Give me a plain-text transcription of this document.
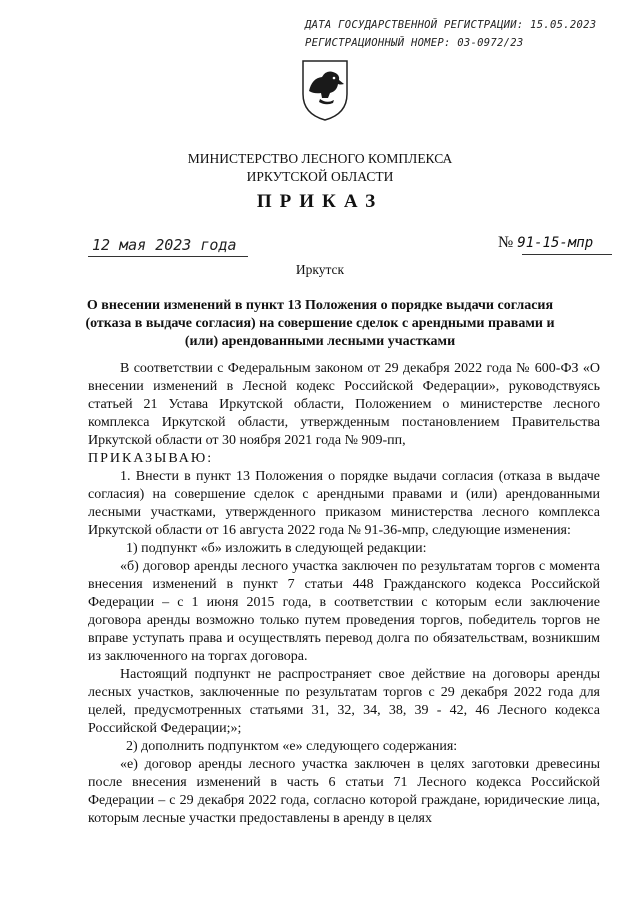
ДАТА ГОСУДАРСТВЕННОЙ РЕГИСТРАЦИИ: 15.05.2023
РЕГИСТРАЦИОННЫЙ НОМЕР: 03-0972/23
МИНИСТЕРСТВО ЛЕСНОГО КОМПЛЕКСА
ИРКУТСКОЙ ОБЛАСТИ
ПРИКАЗ
12 мая 2023 года	№ 91-15-мпр
Иркутск
О внесении изменений в пункт 13 Положения о порядке выдачи согласия (отказа в выдаче согласия) на совершение сделок с арендными правами и (или) арендованными лесными участками

В соответствии с Федеральным законом от 29 декабря 2022 года № 600-ФЗ «О внесении изменений в Лесной кодекс Российской Федерации», руководствуясь статьей 21 Устава Иркутской области, Положением о министерстве лесного комплекса Иркутской области, утвержденным постановлением Правительства Иркутской области от 30 ноября 2021 года № 909-пп,

ПРИКАЗЫВАЮ:

1. Внести в пункт 13 Положения о порядке выдачи согласия (отказа в выдаче согласия) на совершение сделок с арендными правами и (или) арендованными лесными участками, утвержденного приказом министерства лесного комплекса Иркутской области от 16 августа 2022 года № 91-36-мпр, следующие изменения:

1) подпункт «б» изложить в следующей редакции:

«б) договор аренды лесного участка заключен по результатам торгов с момента внесения изменений в пункт 7 статьи 448 Гражданского кодекса Российской Федерации – с 1 июня 2015 года, в соответствии с которым если заключение договора аренды возможно только путем проведения торгов, победитель торгов не вправе уступать права и осуществлять перевод долга по обязательствам, возникшим из заключенного на торгах договора.

Настоящий подпункт не распространяет свое действие на договоры аренды лесных участков, заключенные по результатам торгов с 29 декабря 2022 года для целей, предусмотренных статьями 31, 32, 34, 38, 39 - 42, 46 Лесного кодекса Российской Федерации;»;

2) дополнить подпунктом «е» следующего содержания:

«е) договор аренды лесного участка заключен в целях заготовки древесины после внесения изменений в часть 6 статьи 71 Лесного кодекса Российской Федерации – с 29 декабря 2022 года, согласно которой граждане, юридические лица, которым лесные участки предоставлены в аренду в целях
